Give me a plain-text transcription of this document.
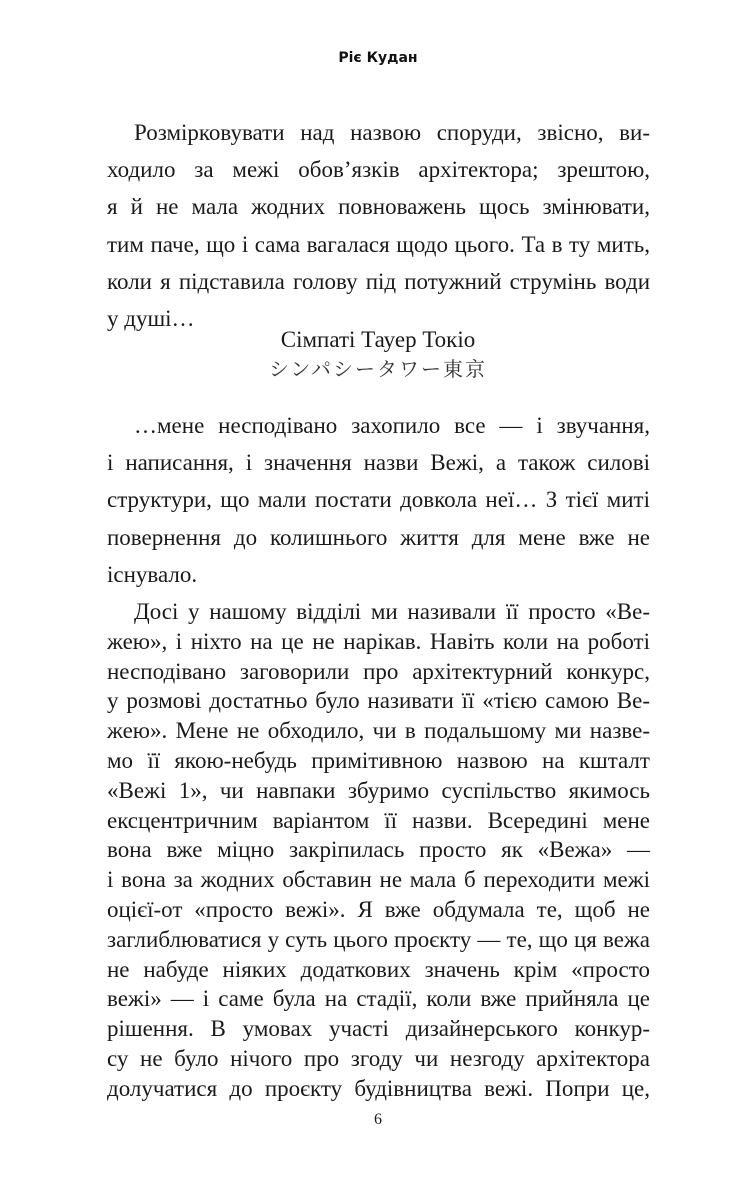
Ріє Кудан
Розмірковувати над назвою споруди, звісно, ви-
ходило за межі обов’язків архітектора; зрештою,
я й не мала жодних повноважень щось змінювати,
тим паче, що і сама вагалася щодо цього. Та в ту мить,
коли я підставила голову під потужний струмінь води
у душі…
Сімпаті Тауер Токіо
シンパシータワー東京
…мене несподівано захопило все — і звучання,
і написання, і значення назви Вежі, а також силові
структури, що мали постати довкола неї… З тієї миті
повернення до колишнього життя для мене вже не
існувало.
Досі у нашому відділі ми називали її просто «Ве-
жею», і ніхто на це не нарікав. Навіть коли на роботі
несподівано заговорили про архітектурний конкурс,
у розмові достатньо було називати її «тією самою Ве-
жею». Мене не обходило, чи в подальшому ми назве-
мо її якою-небудь примітивною назвою на кшталт
«Вежі 1», чи навпаки збуримо суспільство якимось
ексцентричним варіантом її назви. Всередині мене
вона вже міцно закріпилась просто як «Вежа» —
і вона за жодних обставин не мала б переходити межі
оцієї-от «просто вежі». Я вже обдумала те, щоб не
заглиблюватися у суть цього проєкту — те, що ця вежа
не набуде ніяких додаткових значень крім «просто
вежі» — і саме була на стадії, коли вже прийняла це
рішення. В умовах участі дизайнерського конкур-
су не було нічого про згоду чи незгоду архітектора
долучатися до проєкту будівництва вежі. Попри це,
6
